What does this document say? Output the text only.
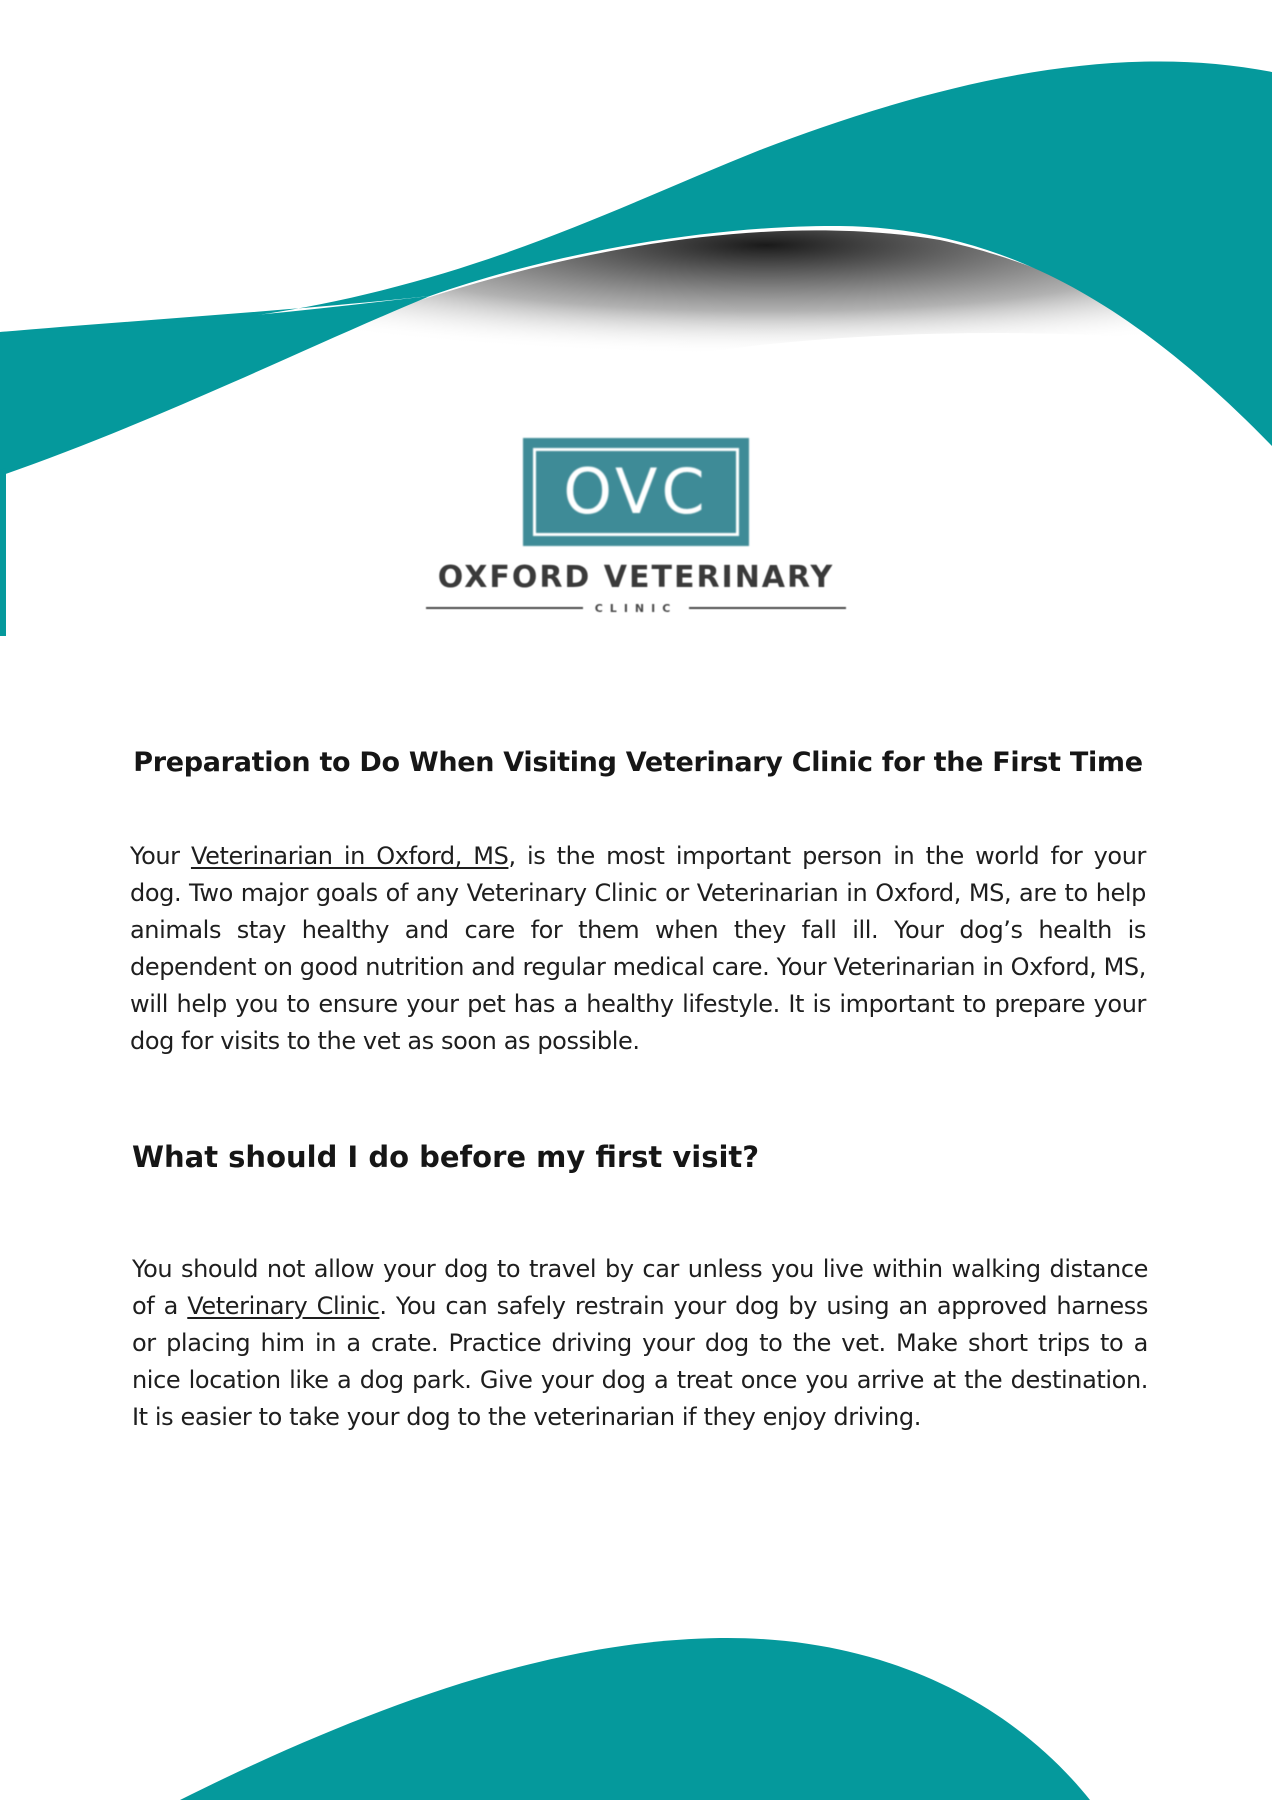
OVC
OXFORD VETERINARY
CLINIC
Preparation to Do When Visiting Veterinary Clinic for the First Time

Your Veterinarian in Oxford, MS, is the most important person in the world for your dog. Two major goals of any Veterinary Clinic or Veterinarian in Oxford, MS, are to help animals stay healthy and care for them when they fall ill. Your dog’s health is dependent on good nutrition and regular medical care. Your Veterinarian in Oxford, MS, will help you to ensure your pet has a healthy lifestyle. It is important to prepare your dog for visits to the vet as soon as possible.

What should I do before my first visit?

You should not allow your dog to travel by car unless you live within walking distance of a Veterinary Clinic. You can safely restrain your dog by using an approved harness or placing him in a crate. Practice driving your dog to the vet. Make short trips to a nice location like a dog park. Give your dog a treat once you arrive at the destination. It is easier to take your dog to the veterinarian if they enjoy driving.
